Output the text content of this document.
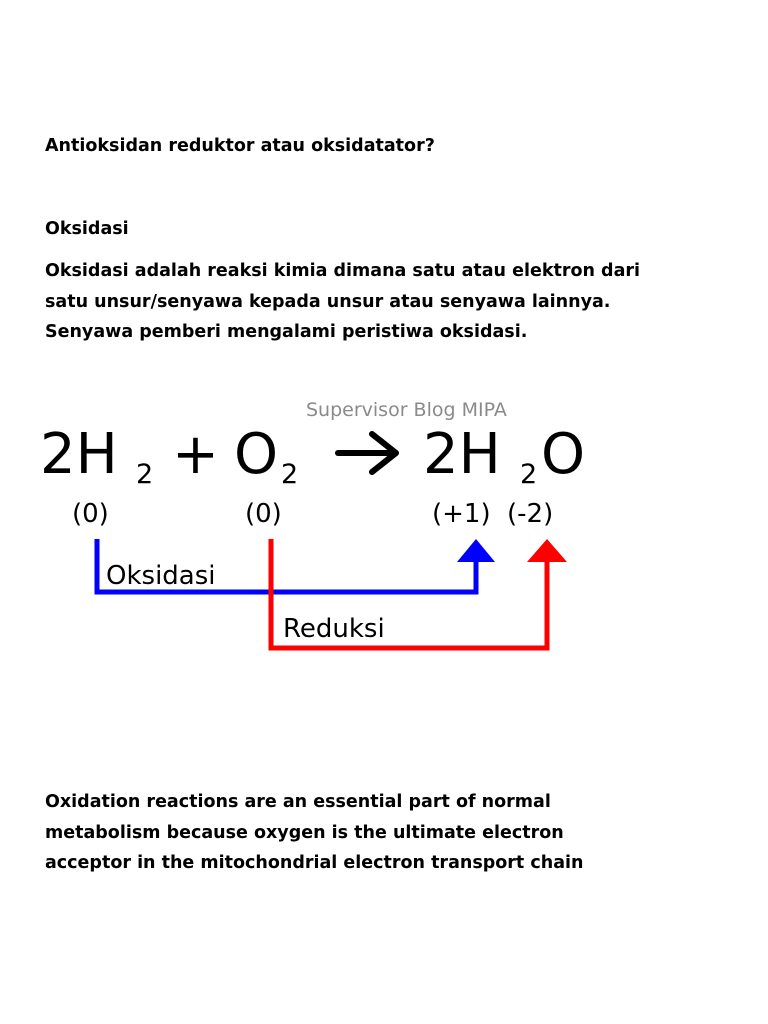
Antioksidan reduktor atau oksidatator?

Oksidasi

Oksidasi adalah reaksi kimia dimana satu atau elektron dari
satu unsur/senyawa kepada unsur atau senyawa lainnya.
Senyawa pemberi mengalami peristiwa oksidasi.

Supervisor Blog MIPA
2H 2 + O 2 2H 2 O
(0)	(0)	(+1) (-2)
Oksidasi
Reduksi

Oxidation reactions are an essential part of normal
metabolism because oxygen is the ultimate electron
acceptor in the mitochondrial electron transport chain
